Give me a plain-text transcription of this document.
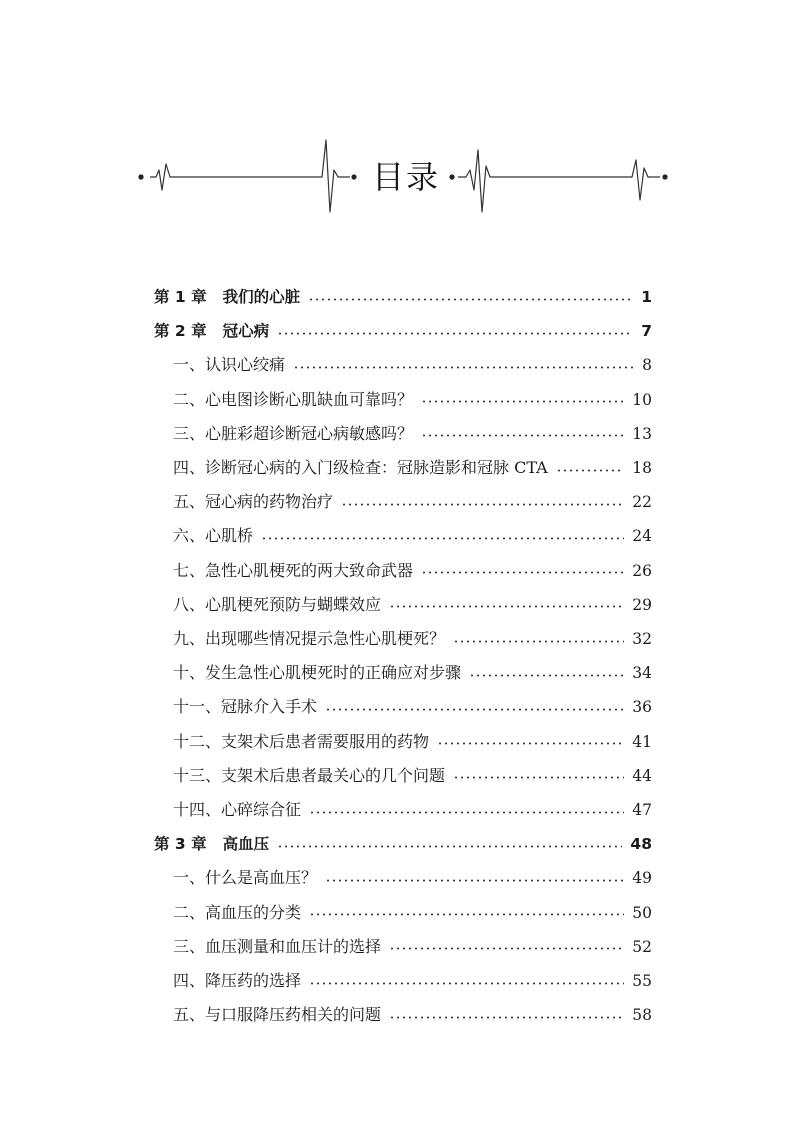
目录
第 1 章 我们的心脏	1
第 2 章 冠心病	7
一、认识心绞痛	8
二、心电图诊断心肌缺血可靠吗？	10
三、心脏彩超诊断冠心病敏感吗？	13
四、诊断冠心病的入门级检查：冠脉造影和冠脉 CTA	18
五、冠心病的药物治疗	22
六、心肌桥	24
七、急性心肌梗死的两大致命武器	26
八、心肌梗死预防与蝴蝶效应	29
九、出现哪些情况提示急性心肌梗死？	32
十、发生急性心肌梗死时的正确应对步骤	34
十一、冠脉介入手术	36
十二、支架术后患者需要服用的药物	41
十三、支架术后患者最关心的几个问题	44
十四、心碎综合征	47
第 3 章 高血压	48
一、什么是高血压？	49
二、高血压的分类	50
三、血压测量和血压计的选择	52
四、降压药的选择	55
五、与口服降压药相关的问题	58
